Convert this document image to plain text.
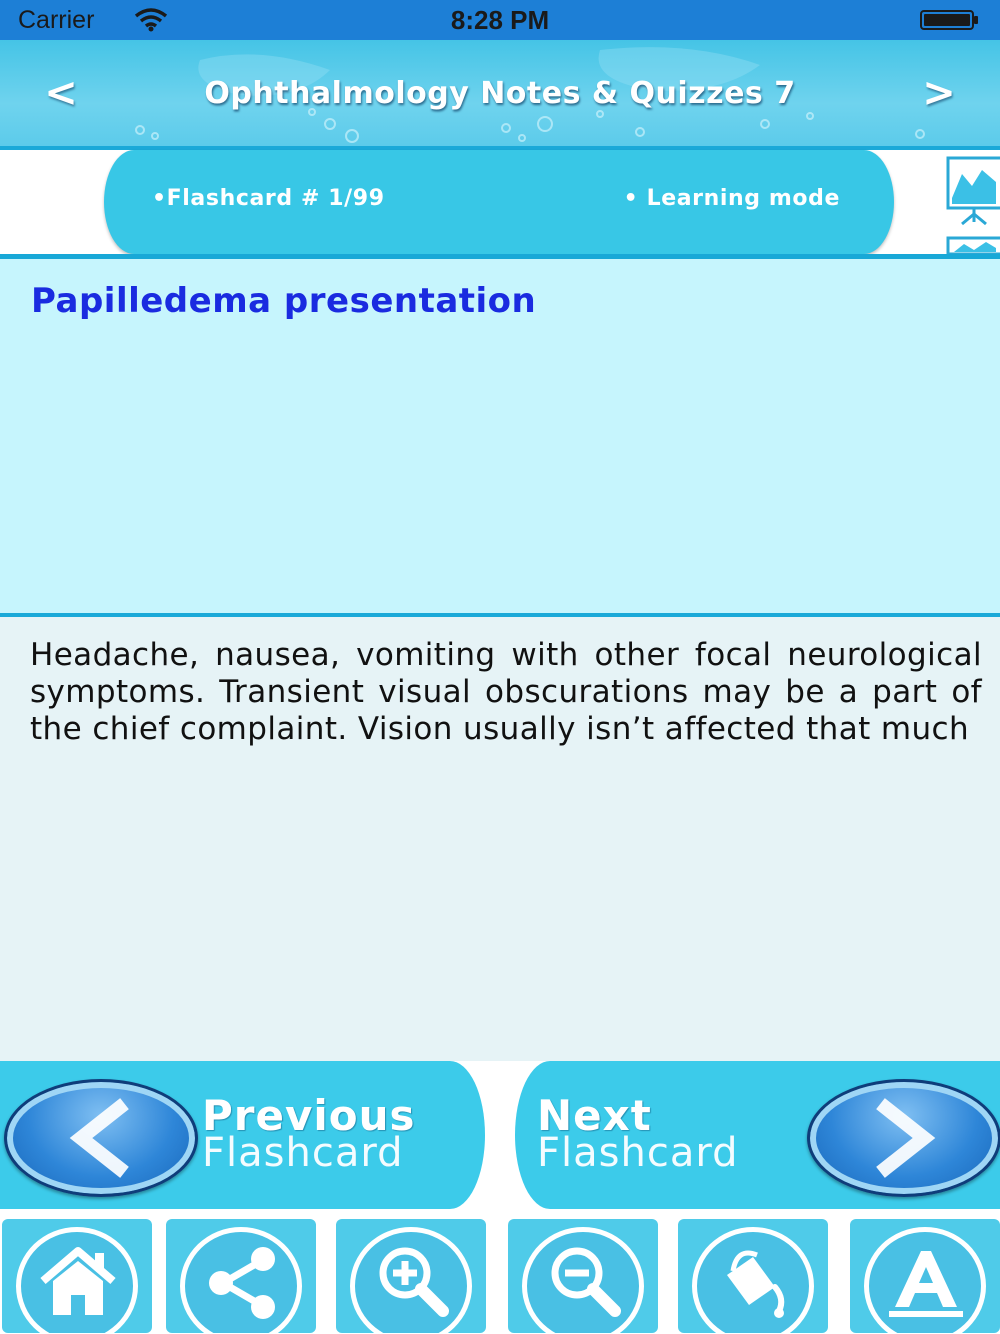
Carrier	8:28 PM
<	Ophthalmology Notes & Quizzes 7	>
•Flashcard # 1/99	• Learning mode
Papilledema presentation
Headache, nausea, vomiting with other focal neurological symptoms. Transient visual obscurations may be a part of the chief complaint. Vision usually isn’t affected that much
Previous
Flashcard
Next
Flashcard
